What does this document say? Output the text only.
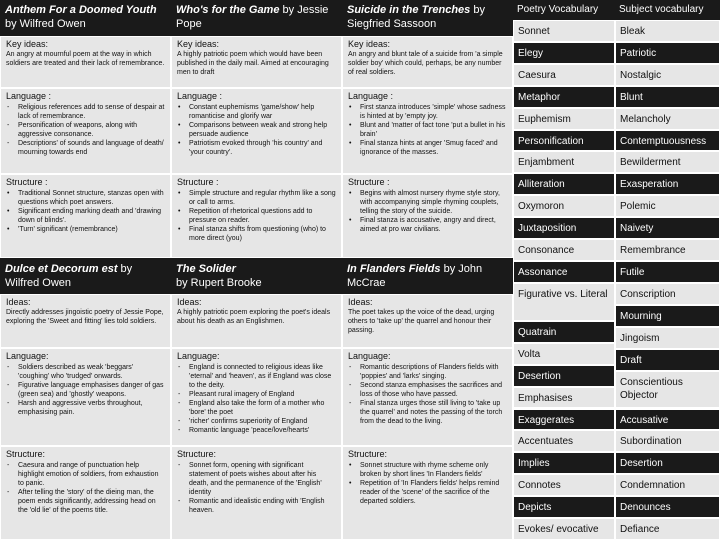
Anthem For a Doomed Youth
by Wilfred Owen
Who's for the Game by Jessie
Pope
Suicide in the Trenches by
Siegfried Sassoon
Key ideas:
An angry at mournful poem at the way in which soldiers are treated and their lack of remembrance.
Key ideas:
A highly patriotic poem which would have been published in the daily mail. Aimed at encouraging men to draft
Key ideas:
An angry and blunt tale of a suicide from 'a simple soldier boy' which could, perhaps, be any number of real soldiers.
Language :
- Religious references add to sense of despair at lack of remembrance.
- Personification of weapons, along with aggressive consonance.
- Descriptions' of sounds and language of death/ mourning towards end
Language :
• Constant euphemisms 'game/show' help romanticise and glorify war
• Comparisons between weak and strong help persuade audience
• Patriotism evoked through 'his country' and 'your country'.
Language :
• First stanza introduces 'simple' whose sadness is hinted at by 'empty joy.
• Blunt and 'matter of fact tone 'put a bullet in his brain'
• Final stanza hints at anger 'Smug faced' and ignorance of the masses.
Structure :
• Traditional Sonnet structure, stanzas open with questions which poet answers.
• Significant ending marking death and 'drawing down of blinds'.
• 'Turn' significant (remembrance)
Structure :
• Simple structure and regular rhythm like a song or call to arms.
• Repetition of rhetorical questions add to pressure on reader.
• Final stanza shifts from questioning (who) to more direct (you)
Structure :
• Begins with almost nursery rhyme style story, with accompanying simple rhyming couplets, telling the story of the suicide.
• Final stanza is accusative, angry and direct, aimed at pro war civilians.
Dulce et Decorum est by
Wilfred Owen
The Solider
by Rupert Brooke
In Flanders Fields by John
McCrae
Ideas:
Directly addresses jingoistic poetry of Jessie Pope, exploring the 'Sweet and fitting' lies told soldiers.
Ideas:
A highly patriotic poem exploring the poet's ideals about his death as an Englishmen.
Ideas:
The poet takes up the voice of the dead, urging others to 'take up' the quarrel and honour their passing.
Language:
- Soldiers described as weak 'beggars' 'coughing' who 'trudged' onwards.
- Figurative language emphasises danger of gas (green sea) and 'ghostly' weapons.
- Harsh and aggressive verbs throughout, emphasising pain.
Language:
- England is connected to religious ideas like 'eternal' and 'heaven', as if England was close to the deity.
- Pleasant rural imagery of England
- England also take the form of a mother who 'bore' the poet
- 'richer' confirms superiority of England
- Romantic language 'peace/love/hearts'
Language:
- Romantic descriptions of Flanders fields with 'poppies' and 'larks' singing.
- Second stanza emphasises the sacrifices and loss of those who have passed.
- Final stanza urges those still living to 'take up the quarrel' and notes the passing of the torch from the dead to the living.
Structure:
- Caesura and range of punctuation help highlight emotion of soldiers, from exhaustion to panic.
- After telling the 'story' of the dieing man, the poem ends significantly, addressing head on the 'old lie' of the poems title.
Structure:
- Sonnet form, opening with significant statement of poets wishes about after his death, and the permanence of the 'English' identity
- Romantic and idealistic ending with 'English heaven.
Structure:
• Sonnet structure with rhyme scheme only broken by short lines 'In Flanders fields'
• Repetition of 'In Flanders fields' helps remind reader of the 'scene' of the sacrifice of the departed soldiers.
Poetry Vocabulary	Subject vocabulary
Sonnet
Elegy
Caesura
Metaphor
Euphemism
Personification
Enjambment
Alliteration
Oxymoron
Juxtaposition
Consonance
Assonance
Figurative vs. Literal
Quatrain
Volta
Desertion
Emphasises
Exaggerates
Accentuates
Implies
Connotes
Depicts
Evokes/ evocative
Bleak
Patriotic
Nostalgic
Blunt
Melancholy
Contemptuousness
Bewilderment
Exasperation
Polemic
Naivety
Remembrance
Futile
Conscription
Mourning
Jingoism
Draft
Conscientious Objector
Accusative
Subordination
Desertion
Condemnation
Denounces
Defiance
